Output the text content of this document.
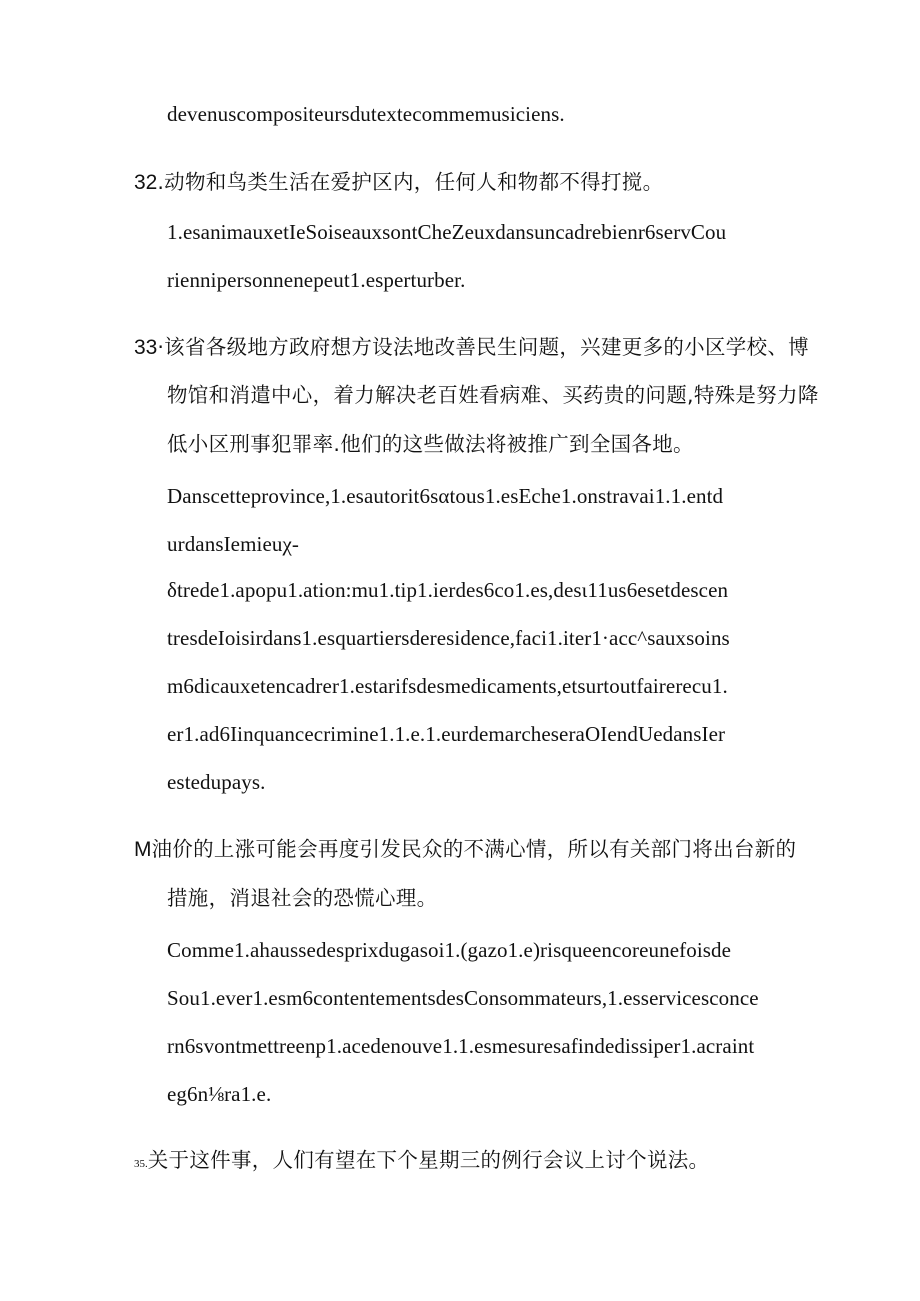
devenuscompositeursdutextecommemusiciens.
32.动物和鸟类生活在爱护区内，任何人和物都不得打搅。
1.esanimauxetIeSoiseauxsontCheZeuxdansuncadrebienr6servCou
riennipersonnenepeut1.esperturber.
33·该省各级地方政府想方设法地改善民生问题，兴建更多的小区学校、博
物馆和消遣中心，着力解决老百姓看病难、买药贵的问题,特殊是努力降
低小区刑事犯罪率.他们的这些做法将被推广到全国各地。
Danscetteprovince,1.esautorit6sαtous1.esEche1.onstravai1.1.entd
urdansIemieuχ-
δtrede1.apopu1.ation:mu1.tip1.ierdes6co1.es,desι11us6esetdescen
tresdeIoisirdans1.esquartiersderesidence,faci1.iter1·acc^sauxsoins
m6dicauxetencadrer1.estarifsdesmedicaments,etsurtoutfairerecu1.
er1.ad6Iinquancecrimine1.1.e.1.eurdemarcheseraOIendUedansIer
estedupays.
M油价的上涨可能会再度引发民众的不满心情，所以有关部门将出台新的
措施，消退社会的恐慌心理。
Comme1.ahaussedesprixdugasoi1.(gazo1.e)risqueencoreunefoisde
Sou1.ever1.esm6contentementsdesConsommateurs,1.esservicesconce
rn6svontmettreenp1.acedenouve1.1.esmesuresafindedissiper1.acraint
eg6n⅛ra1.e.
35.关于这件事，人们有望在下个星期三的例行会议上讨个说法。
